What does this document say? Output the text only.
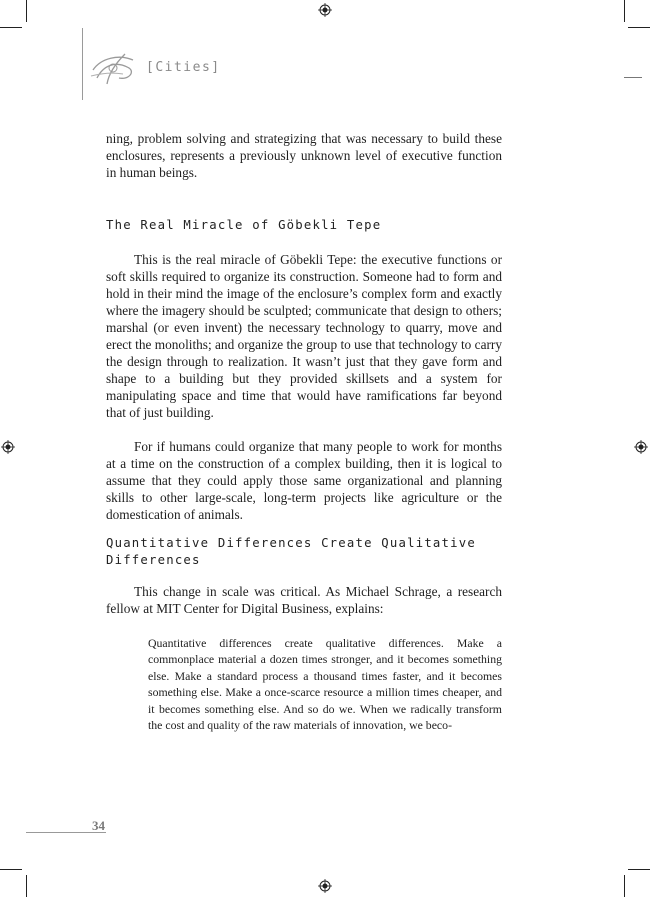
[Cities]

ning, problem solving and strategizing that was necessary to build these enclosures, represents a previously unknown level of executive function in human beings.

The Real Miracle of Göbekli Tepe

This is the real miracle of Göbekli Tepe: the executive functions or soft skills required to organize its construction. Someone had to form and hold in their mind the image of the enclosure’s complex form and exactly where the imagery should be sculpted; communicate that design to others; marshal (or even invent) the necessary technology to quarry, move and erect the monoliths; and organize the group to use that technology to carry the design through to realization. It wasn’t just that they gave form and shape to a building but they provided skillsets and a system for manipulating space and time that would have ramifications far beyond that of just building.

For if humans could organize that many people to work for months at a time on the construction of a complex building, then it is logical to assume that they could apply those same organizational and planning skills to other large-scale, long-term projects like agriculture or the domestication of animals.

Quantitative Differences Create Qualitative Differences

This change in scale was critical. As Michael Schrage, a research fellow at MIT Center for Digital Business, explains:

Quantitative differences create qualitative differences. Make a commonplace material a dozen times stronger, and it becomes something else. Make a standard process a thousand times faster, and it becomes something else. Make a once-scarce resource a million times cheaper, and it becomes something else. And so do we. When we radically transform the cost and quality of the raw materials of innovation, we beco-

34
